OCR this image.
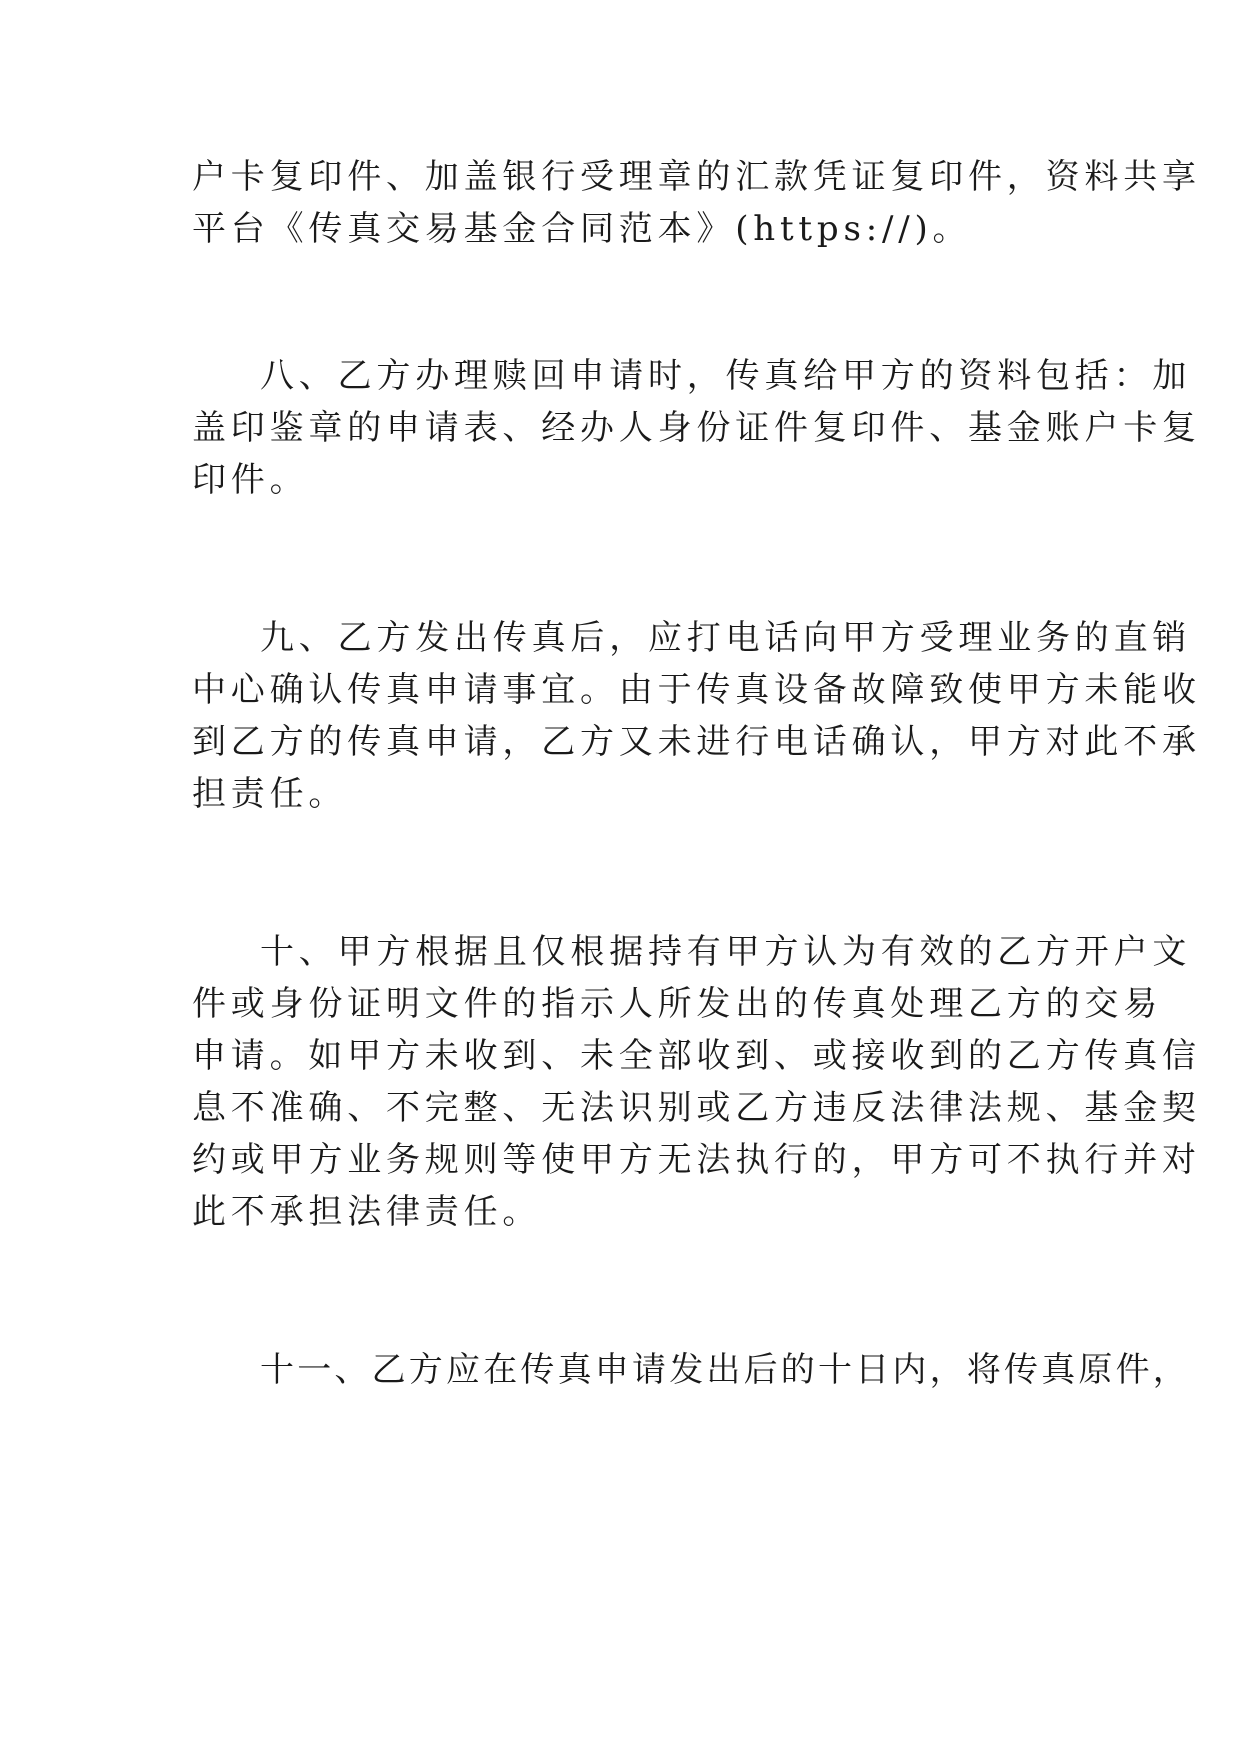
户卡复印件、加盖银行受理章的汇款凭证复印件，资料共享
平台《传真交易基金合同范本》(https://)。
八、乙方办理赎回申请时，传真给甲方的资料包括：加
盖印鉴章的申请表、经办人身份证件复印件、基金账户卡复
印件。
九、乙方发出传真后，应打电话向甲方受理业务的直销
中心确认传真申请事宜。由于传真设备故障致使甲方未能收
到乙方的传真申请，乙方又未进行电话确认，甲方对此不承
担责任。
十、甲方根据且仅根据持有甲方认为有效的乙方开户文
件或身份证明文件的指示人所发出的传真处理乙方的交易
申请。如甲方未收到、未全部收到、或接收到的乙方传真信
息不准确、不完整、无法识别或乙方违反法律法规、基金契
约或甲方业务规则等使甲方无法执行的，甲方可不执行并对
此不承担法律责任。
十一、乙方应在传真申请发出后的十日内，将传真原件，
